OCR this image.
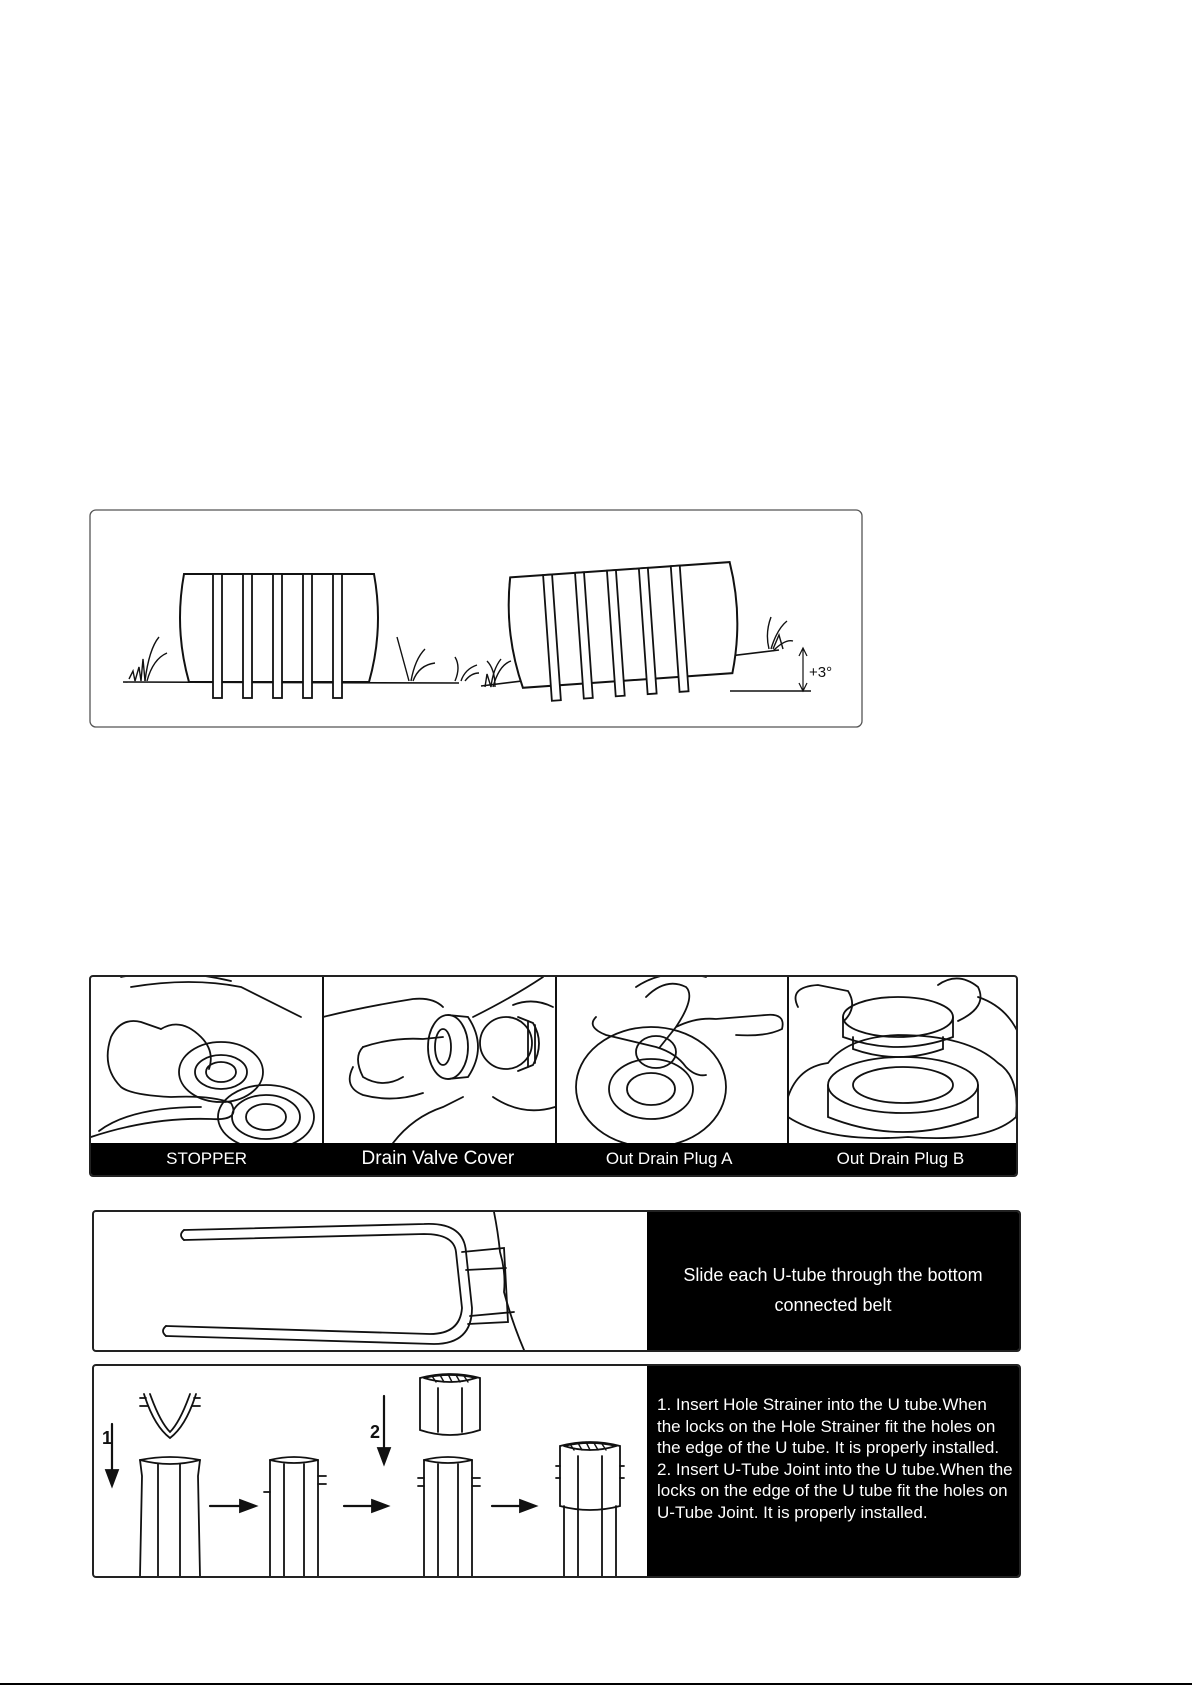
+3°
STOPPER	Drain Valve Cover	Out Drain Plug A	Out Drain Plug B
Slide each U-tube through the bottom
connected belt
1	2

1. Insert Hole Strainer into the U tube.When the locks on the Hole Strainer fit the holes on the edge of the U tube. It is properly installed.

2. Insert U-Tube Joint into the U tube.When the locks on the edge of the U tube fit the holes on U-Tube Joint. It is properly installed.
